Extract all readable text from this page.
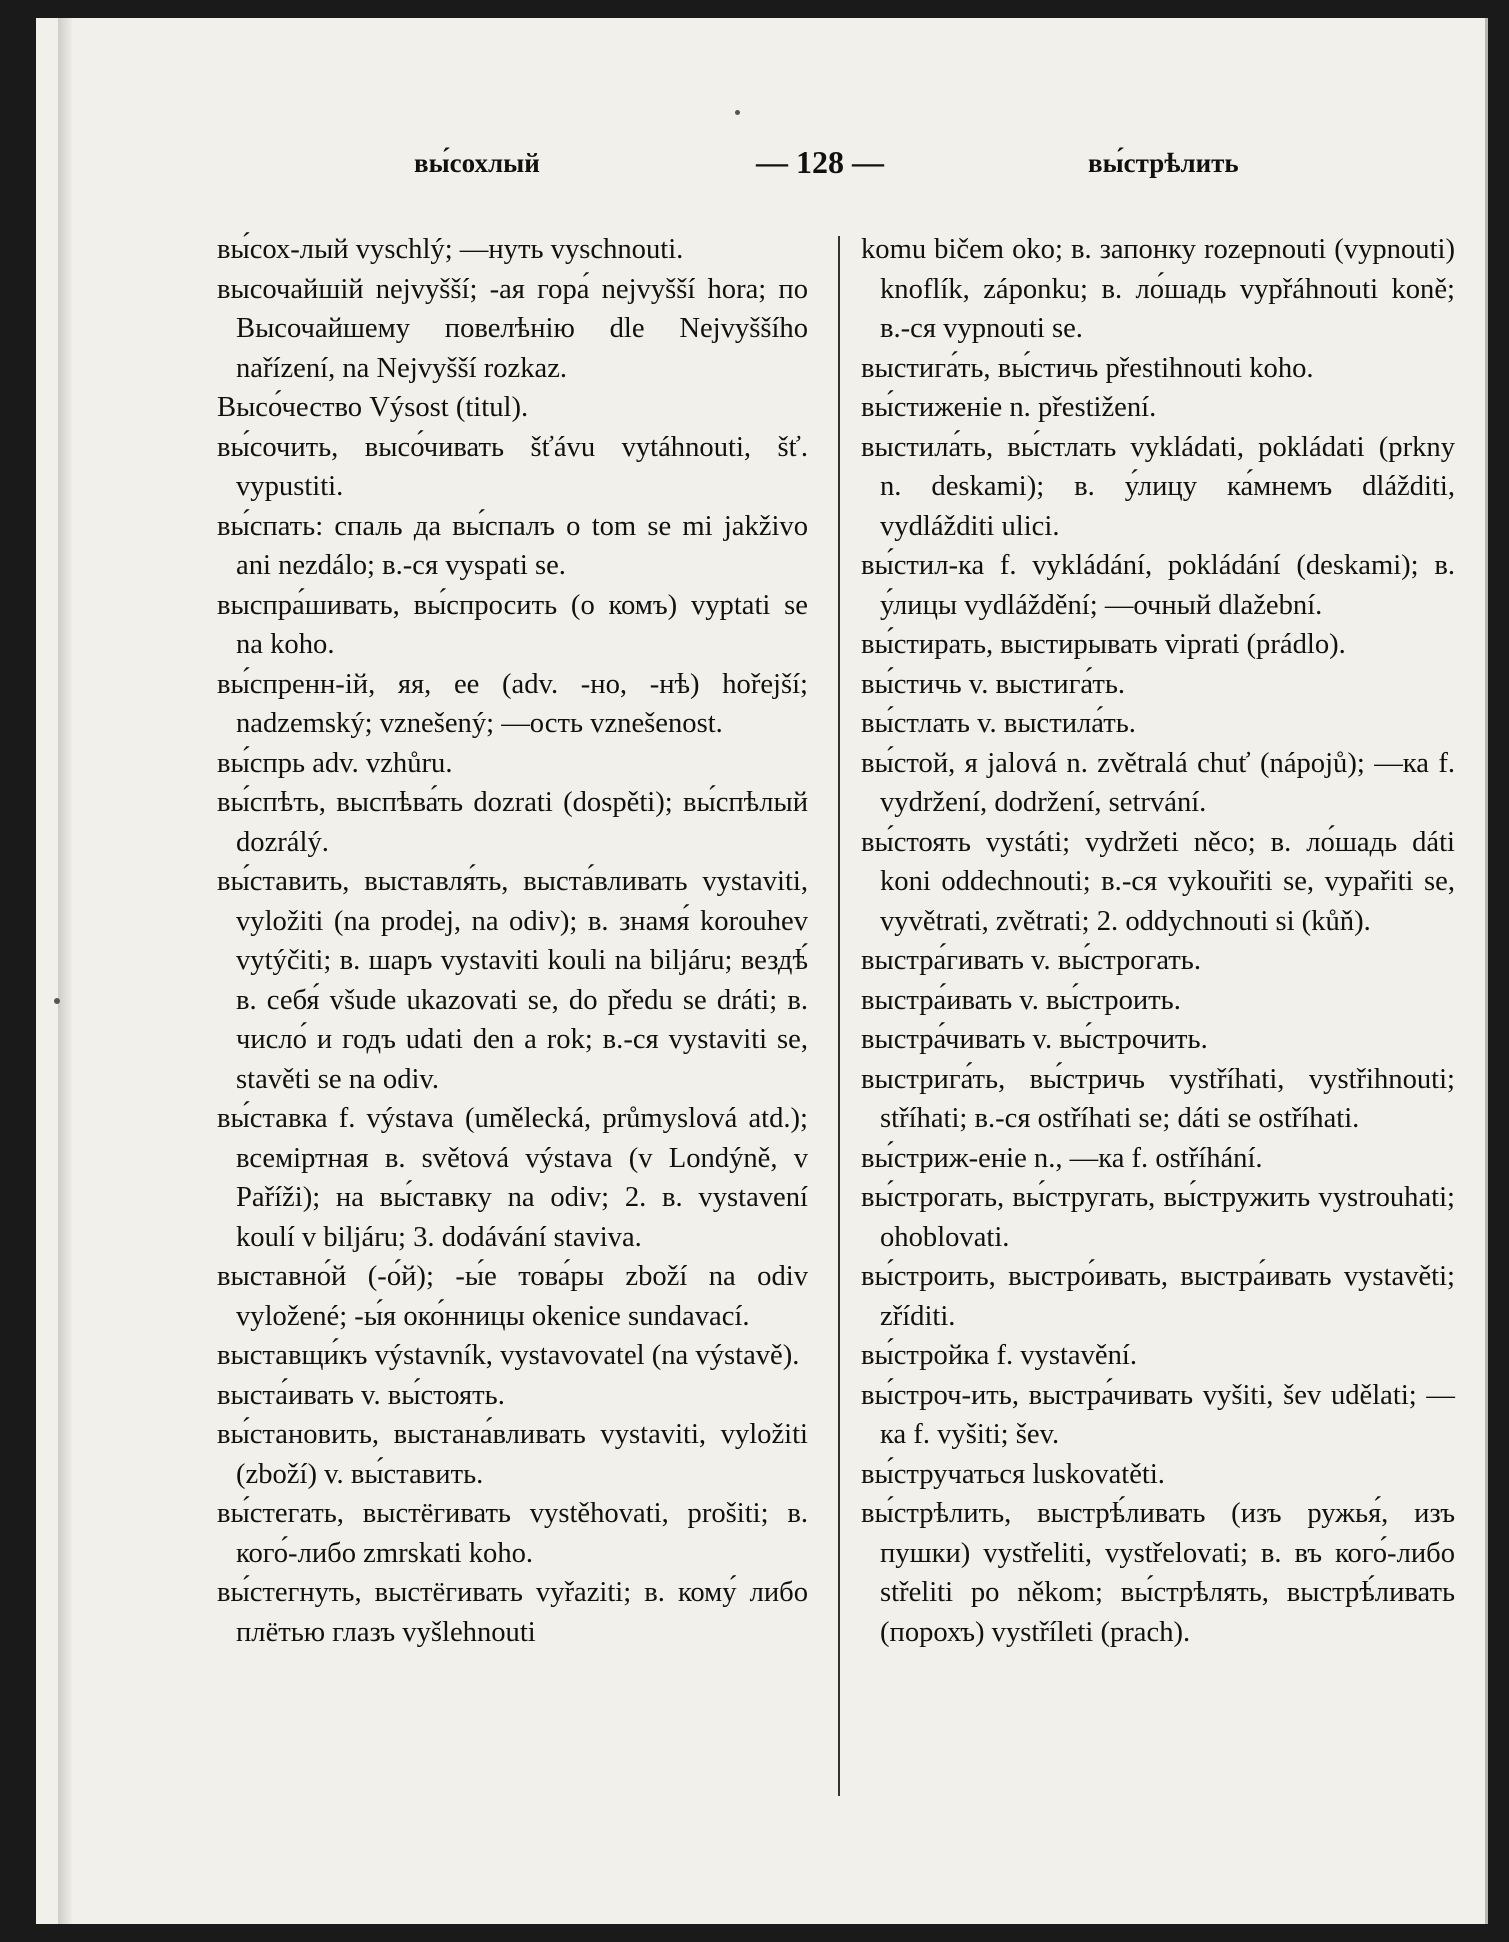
вы́сохлый	— 128 —	вы́стрѣлить

вы́сох-лый vyschlý; —нуть vyschnouti.

высочайшій nejvyšší; -ая гора́ nejvyšší hora; по Высочайшему повелѣнію dle Nejvyššího nařízení, na Nejvyšší rozkaz.

Высо́чество Výsost (titul).

вы́сочить, высо́чивать šťávu vytáhnouti, šť. vypustiti.

вы́спать: спаль да вы́спалъ o tom se mi jakživo ani nezdálo; в.-ся vyspati se.

выспра́шивать, вы́спросить (о комъ) vyptati se na koho.

вы́спренн-ій, яя, ее (adv. -но, -нѣ) hořejší; nadzemský; vznešený; —ость vznešenost.

вы́спрь adv. vzhůru.

вы́спѣть, выспѣва́ть dozrati (dospěti); вы́спѣлый dozrálý.

вы́ставить, выставля́ть, выста́вливать vystaviti, vyložiti (na prodej, na odiv); в. знамя́ korouhev vytýčiti; в. шаръ vystaviti kouli na biljáru; вездѣ́ в. себя́ všude ukazovati se, do předu se dráti; в. число́ и годъ udati den a rok; в.-ся vystaviti se, stavěti se na odiv.

вы́ставка f. výstava (umělecká, průmyslová atd.); всеміртная в. světová výstava (v Londýně, v Paříži); на вы́ставку na odiv; 2. в. vystavení koulí v biljáru; 3. dodávání staviva.

выставно́й (-о́й); -ы́е това́ры zboží na odiv vyložené; -ы́я око́нницы okenice sundavací.

выставщи́къ výstavník, vystavovatel (na výstavě).

выста́ивать v. вы́стоять.

вы́становить, выстана́вливать vystaviti, vyložiti (zboží) v. вы́ставить.

вы́стегать, выстёгивать vystěhovati, prošiti; в. кого́-либо zmrskati koho.

вы́стегнуть, выстёгивать vyřaziti; в. кому́ либо плётью глазъ vyšlehnouti

komu bičem oko; в. запонку rozepnouti (vypnouti) knoflík, záponku; в. ло́шадь vypřáhnouti koně; в.-ся vypnouti se.

выстига́ть, вы́стичь přestihnouti koho.

вы́стиженіе n. přestižení.

выстила́ть, вы́стлать vykládati, pokládati (prkny n. deskami); в. у́лицу ка́мнемъ dlážditi, vydlážditi ulici.

вы́стил-ка f. vykládání, pokládání (deskami); в. у́лицы vydláždění; —очный dlažební.

вы́стирать, выстирывать viprati (prádlo).

вы́стичь v. выстига́ть.

вы́стлать v. выстила́ть.

вы́стой, я jalová n. zvětralá chuť (nápojů); —ка f. vydržení, dodržení, setrvání.

вы́стоять vystáti; vydržeti něco; в. ло́шадь dáti koni oddechnouti; в.-ся vykouřiti se, vypařiti se, vyvětrati, zvětrati; 2. oddychnouti si (kůň).

выстра́гивать v. вы́строгать.

выстра́ивать v. вы́строить.

выстра́чивать v. вы́строчить.

выстрига́ть, вы́стричь vystříhati, vystřihnouti; stříhati; в.-ся ostříhati se; dáti se ostříhati.

вы́стриж-еніе n., —ка f. ostříhání.

вы́строгать, вы́стругать, вы́стружить vystrouhati; ohoblovati.

вы́строить, выстро́ивать, выстра́ивать vystavěti; zříditi.

вы́стройка f. vystavění.

вы́строч-ить, выстра́чивать vyšiti, šev udělati; —ка f. vyšiti; šev.

вы́стручаться luskovatěti.

вы́стрѣлить, выстрѣ́ливать (изъ ружья́, изъ пушки) vystřeliti, vystřelovati; в. въ кого́-либо střeliti po někom; вы́стрѣлять, выстрѣ́ливать (порохъ) vystříleti (prach).
